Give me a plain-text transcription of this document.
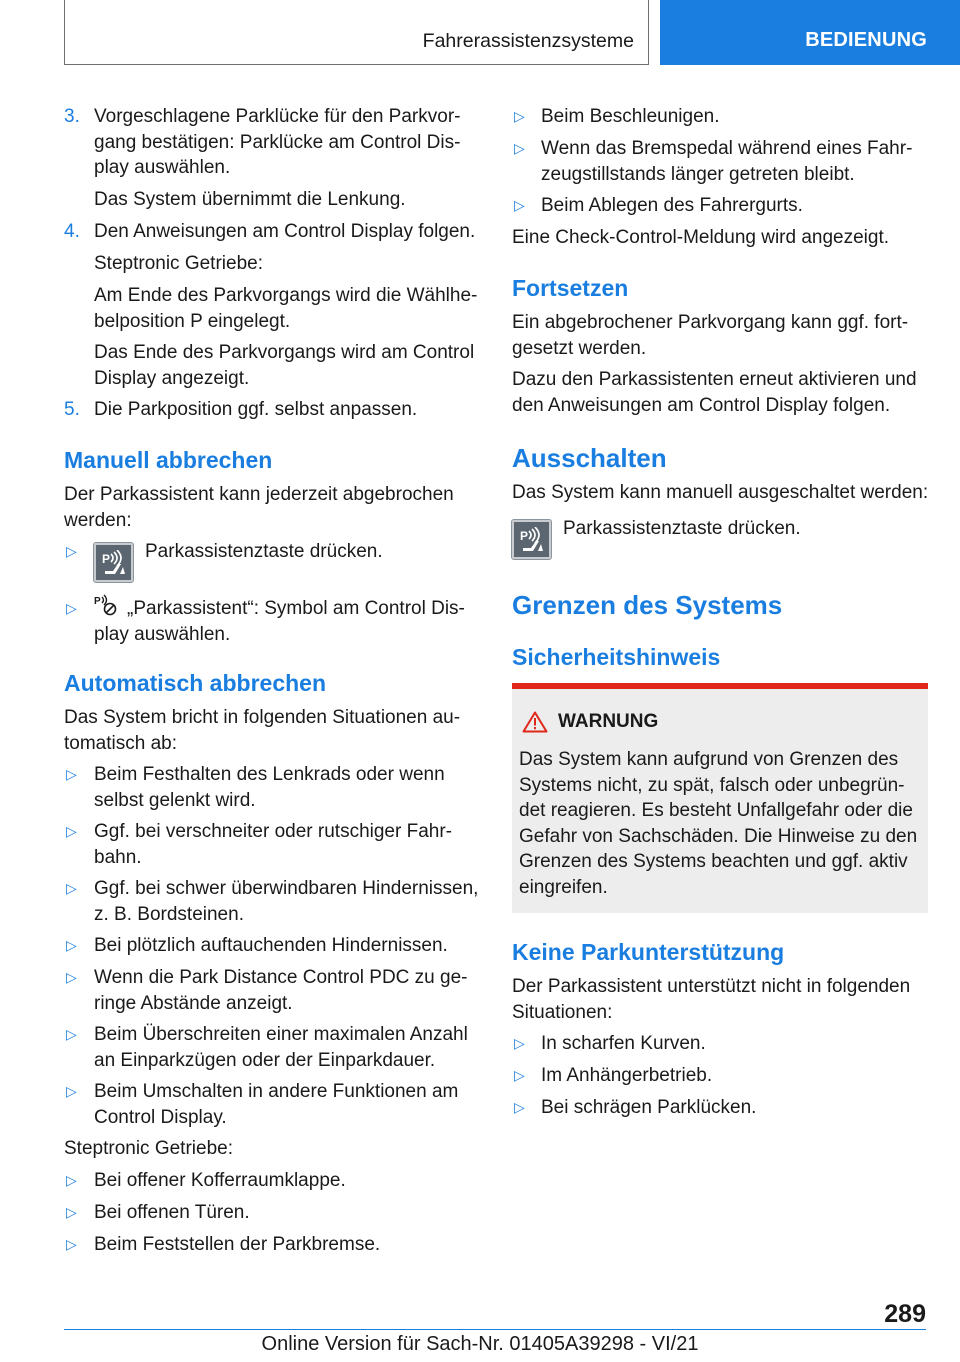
Fahrerassistenzsysteme	BEDIENUNG
3. Vorgeschlagene Parklücke für den Parkvor-
gang bestätigen: Parklücke am Control Dis-
play auswählen.
Das System übernimmt die Lenkung.
4. Den Anweisungen am Control Display folgen.
Steptronic Getriebe:
Am Ende des Parkvorgangs wird die Wählhe-
belposition P eingelegt.
Das Ende des Parkvorgangs wird am Control
Display angezeigt.
5. Die Parkposition ggf. selbst anpassen.
Manuell abbrechen
Der Parkassistent kann jederzeit abgebrochen
werden:
▷ P Parkassistenztaste drücken.
▷ P „Parkassistent“: Symbol am Control Dis-
play auswählen.
Automatisch abbrechen
Das System bricht in folgenden Situationen au-
tomatisch ab:
▷ Beim Festhalten des Lenkrads oder wenn
selbst gelenkt wird.
▷ Ggf. bei verschneiter oder rutschiger Fahr-
bahn.
▷ Ggf. bei schwer überwindbaren Hindernissen,
z. B. Bordsteinen.
▷ Bei plötzlich auftauchenden Hindernissen.
▷ Wenn die Park Distance Control PDC zu ge-
ringe Abstände anzeigt.
▷ Beim Überschreiten einer maximalen Anzahl
an Einparkzügen oder der Einparkdauer.
▷ Beim Umschalten in andere Funktionen am
Control Display.
Steptronic Getriebe:
▷ Bei offener Kofferraumklappe.
▷ Bei offenen Türen.
▷ Beim Feststellen der Parkbremse.
▷ Beim Beschleunigen.
▷ Wenn das Bremspedal während eines Fahr-
zeugstillstands länger getreten bleibt.
▷ Beim Ablegen des Fahrergurts.
Eine Check-Control-Meldung wird angezeigt.
Fortsetzen
Ein abgebrochener Parkvorgang kann ggf. fort-
gesetzt werden.
Dazu den Parkassistenten erneut aktivieren und
den Anweisungen am Control Display folgen.
Ausschalten
Das System kann manuell ausgeschaltet werden:
P Parkassistenztaste drücken.
Grenzen des Systems
Sicherheitshinweis
WARNUNG
Das System kann aufgrund von Grenzen des
Systems nicht, zu spät, falsch oder unbegrün-
det reagieren. Es besteht Unfallgefahr oder die
Gefahr von Sachschäden. Die Hinweise zu den
Grenzen des Systems beachten und ggf. aktiv
eingreifen.
Keine Parkunterstützung
Der Parkassistent unterstützt nicht in folgenden
Situationen:
▷ In scharfen Kurven.
▷ Im Anhängerbetrieb.
▷ Bei schrägen Parklücken.
289
Online Version für Sach-Nr. 01405A39298 - VI/21
